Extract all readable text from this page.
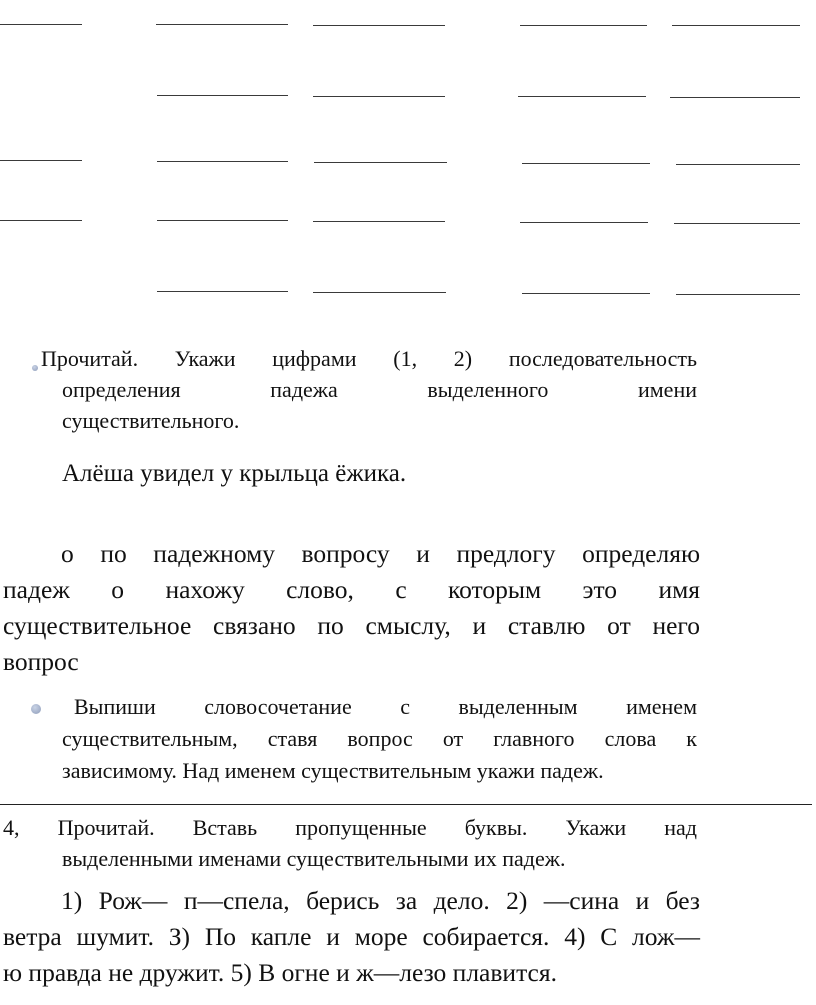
Прочитай. Укажи цифрами (1, 2) последовательность
определения падежа выделенного имени
существительного.
Алёша увидел у крыльца ёжика.
о по падежному вопросу и предлогу определяю
падеж о нахожу слово, с которым это имя
существительное связано по смыслу, и ставлю от него
вопрос
Выпиши словосочетание с выделенным именем
существительным, ставя вопрос от главного слова к
зависимому. Над именем существительным укажи падеж.
4, Прочитай. Вставь пропущенные буквы. Укажи над
выделенными именами существительными их падеж.
1) Рож— п—спела, берись за дело. 2) —сина и без
ветра шумит. З) По капле и море собирается. 4) С лож—
ю правда не дружит. 5) В огне и ж—лезо плавится.
